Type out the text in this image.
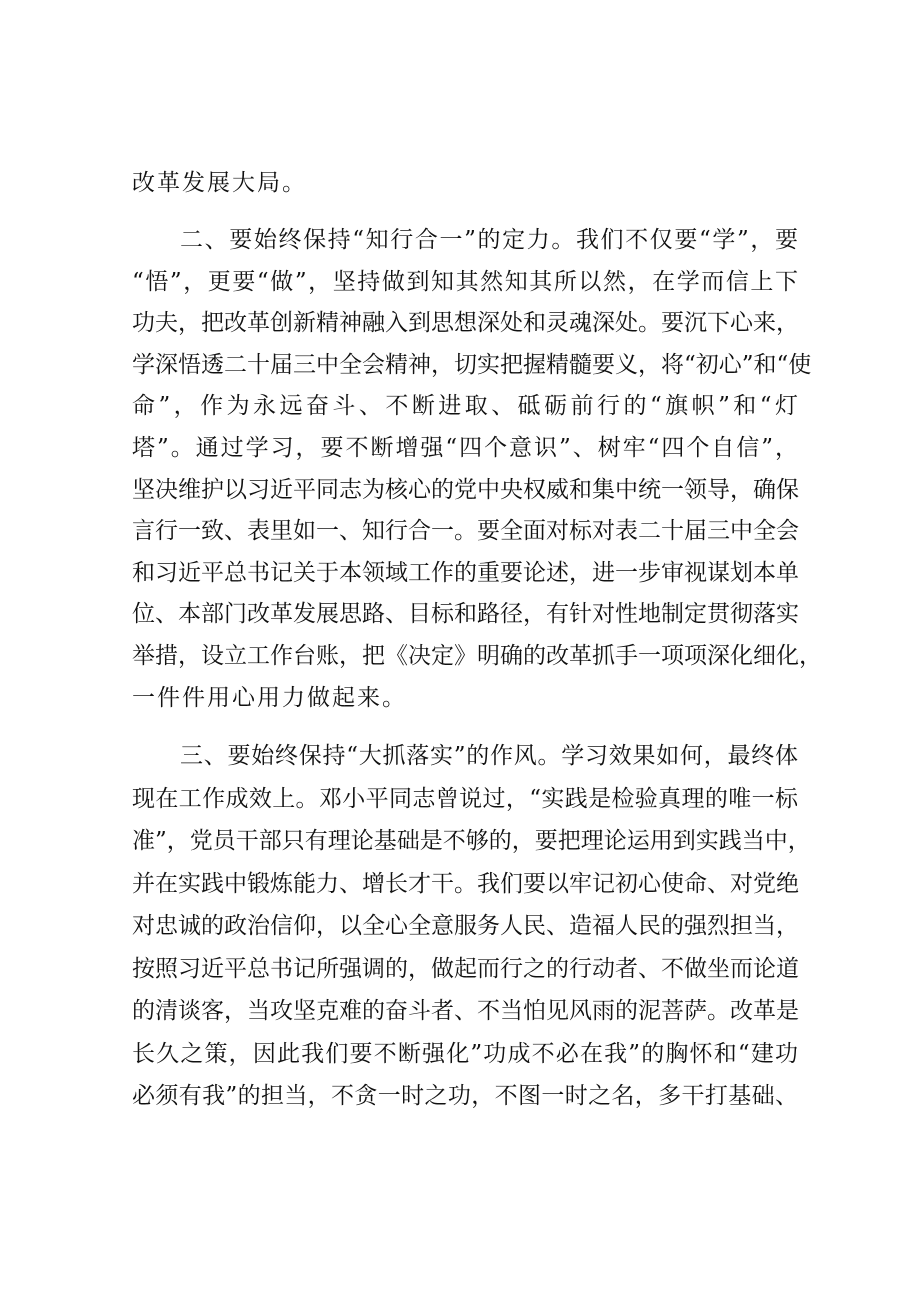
改革发展大局。
二、要始终保持“知行合一”的定力。我们不仅要“学”，要
“悟”，更要“做”，坚持做到知其然知其所以然，在学而信上下
功夫，把改革创新精神融入到思想深处和灵魂深处。要沉下心来，
学深悟透二十届三中全会精神，切实把握精髓要义，将“初心”和“使
命”，作为永远奋斗、不断进取、砥砺前行的“旗帜”和“灯
塔”。通过学习，要不断增强“四个意识”、树牢“四个自信”，
坚决维护以习近平同志为核心的党中央权威和集中统一领导，确保
言行一致、表里如一、知行合一。要全面对标对表二十届三中全会
和习近平总书记关于本领域工作的重要论述，进一步审视谋划本单
位、本部门改革发展思路、目标和路径，有针对性地制定贯彻落实
举措，设立工作台账，把《决定》明确的改革抓手一项项深化细化，
一件件用心用力做起来。
三、要始终保持“大抓落实”的作风。学习效果如何，最终体
现在工作成效上。邓小平同志曾说过，“实践是检验真理的唯一标
准”，党员干部只有理论基础是不够的，要把理论运用到实践当中，
并在实践中锻炼能力、增长才干。我们要以牢记初心使命、对党绝
对忠诚的政治信仰，以全心全意服务人民、造福人民的强烈担当，
按照习近平总书记所强调的，做起而行之的行动者、不做坐而论道
的清谈客，当攻坚克难的奋斗者、不当怕见风雨的泥菩萨。改革是
长久之策，因此我们要不断强化”功成不必在我”的胸怀和“建功
必须有我”的担当，不贪一时之功，不图一时之名，多干打基础、
